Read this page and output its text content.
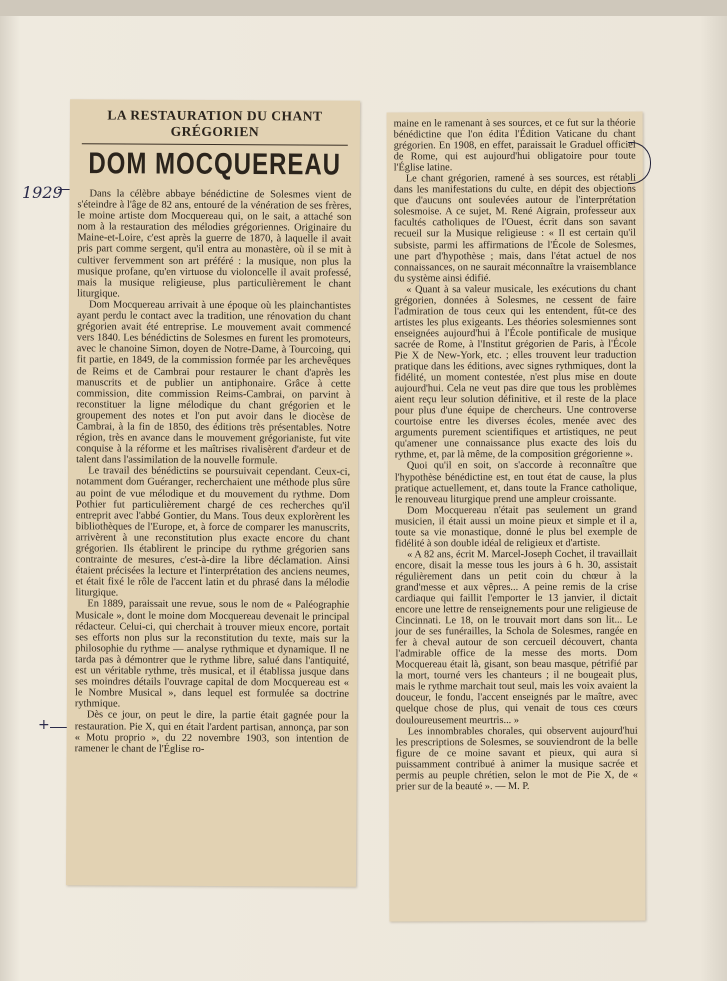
1929
+
LA RESTAURATION DU CHANT GRÉGORIEN
DOM MOCQUEREAU

Dans la célèbre abbaye bénédictine de Solesmes vient de s'éteindre à l'âge de 82 ans, entouré de la vénération de ses frères, le moine artiste dom Mocquereau qui, on le sait, a attaché son nom à la restauration des mélodies grégoriennes. Originaire du Maine-et-Loire, c'est après la guerre de 1870, à laquelle il avait pris part comme sergent, qu'il entra au monastère, où il se mit à cultiver fervemment son art préféré : la musique, non plus la musique profane, qu'en virtuose du violoncelle il avait professé, mais la musique religieuse, plus particulièrement le chant liturgique.

Dom Mocquereau arrivait à une époque où les plainchantistes ayant perdu le contact avec la tradition, une rénovation du chant grégorien avait été entreprise. Le mouvement avait commencé vers 1840. Les bénédictins de Solesmes en furent les promoteurs, avec le chanoine Simon, doyen de Notre-Dame, à Tourcoing, qui fit partie, en 1849, de la commission formée par les archevêques de Reims et de Cambrai pour restaurer le chant d'après les manuscrits et de publier un antiphonaire. Grâce à cette commission, dite commission Reims-Cambrai, on parvint à reconstituer la ligne mélodique du chant grégorien et le groupement des notes et l'on put avoir dans le diocèse de Cambrai, à la fin de 1850, des éditions très présentables. Notre région, très en avance dans le mouvement grégorianiste, fut vite conquise à la réforme et les maîtrises rivalisèrent d'ardeur et de talent dans l'assimilation de la nouvelle formule.

Le travail des bénédictins se poursuivait cependant. Ceux-ci, notamment dom Guéranger, recherchaient une méthode plus sûre au point de vue mélodique et du mouvement du rythme. Dom Pothier fut particulièrement chargé de ces recherches qu'il entreprit avec l'abbé Gontier, du Mans. Tous deux explorèrent les bibliothèques de l'Europe, et, à force de comparer les manuscrits, arrivèrent à une reconstitution plus exacte encore du chant grégorien. Ils établirent le principe du rythme grégorien sans contrainte de mesures, c'est-à-dire la libre déclamation. Ainsi étaient précisées la lecture et l'interprétation des anciens neumes, et était fixé le rôle de l'accent latin et du phrasé dans la mélodie liturgique.

En 1889, paraissait une revue, sous le nom de « Paléographie Musicale », dont le moine dom Mocquereau devenait le principal rédacteur. Celui-ci, qui cherchait à trouver mieux encore, portait ses efforts non plus sur la reconstitution du texte, mais sur la philosophie du rythme — analyse rythmique et dynamique. Il ne tarda pas à démontrer que le rythme libre, salué dans l'antiquité, est un véritable rythme, très musical, et il établissa jusque dans ses moindres détails l'ouvrage capital de dom Mocquereau est « le Nombre Musical », dans lequel est formulée sa doctrine rythmique.

Dès ce jour, on peut le dire, la partie était gagnée pour la restauration. Pie X, qui en était l'ardent partisan, annonça, par son « Motu proprio », du 22 novembre 1903, son intention de ramener le chant de l'Église ro-

maine en le ramenant à ses sources, et ce fut sur la théorie bénédictine que l'on édita l'Édition Vaticane du chant grégorien. En 1908, en effet, paraissait le Graduel officiel de Rome, qui est aujourd'hui obligatoire pour toute l'Église latine.

Le chant grégorien, ramené à ses sources, est rétabli dans les manifestations du culte, en dépit des objections que d'aucuns ont soulevées autour de l'interprétation solesmoise. A ce sujet, M. René Aigrain, professeur aux facultés catholiques de l'Ouest, écrit dans son savant recueil sur la Musique religieuse : « Il est certain qu'il subsiste, parmi les affirmations de l'École de Solesmes, une part d'hypothèse ; mais, dans l'état actuel de nos connaissances, on ne saurait méconnaître la vraisemblance du système ainsi édifié.

« Quant à sa valeur musicale, les exécutions du chant grégorien, données à Solesmes, ne cessent de faire l'admiration de tous ceux qui les entendent, fût-ce des artistes les plus exigeants. Les théories solesmiennes sont enseignées aujourd'hui à l'École pontificale de musique sacrée de Rome, à l'Institut grégorien de Paris, à l'École Pie X de New-York, etc. ; elles trouvent leur traduction pratique dans les éditions, avec signes rythmiques, dont la fidélité, un moment contestée, n'est plus mise en doute aujourd'hui. Cela ne veut pas dire que tous les problèmes aient reçu leur solution définitive, et il reste de la place pour plus d'une équipe de chercheurs. Une controverse courtoise entre les diverses écoles, menée avec des arguments purement scientifiques et artistiques, ne peut qu'amener une connaissance plus exacte des lois du rythme, et, par là même, de la composition grégorienne ».

Quoi qu'il en soit, on s'accorde à reconnaître que l'hypothèse bénédictine est, en tout état de cause, la plus pratique actuellement, et, dans toute la France catholique, le renouveau liturgique prend une ampleur croissante.

Dom Mocquereau n'était pas seulement un grand musicien, il était aussi un moine pieux et simple et il a, toute sa vie monastique, donné le plus bel exemple de fidélité à son double idéal de religieux et d'artiste.

« A 82 ans, écrit M. Marcel-Joseph Cochet, il travaillait encore, disait la messe tous les jours à 6 h. 30, assistait régulièrement dans un petit coin du chœur à la grand'messe et aux vêpres... A peine remis de la crise cardiaque qui faillit l'emporter le 13 janvier, il dictait encore une lettre de renseignements pour une religieuse de Cincinnati. Le 18, on le trouvait mort dans son lit... Le jour de ses funérailles, la Schola de Solesmes, rangée en fer à cheval autour de son cercueil découvert, chanta l'admirable office de la messe des morts. Dom Mocquereau était là, gisant, son beau masque, pétrifié par la mort, tourné vers les chanteurs ; il ne bougeait plus, mais le rythme marchait tout seul, mais les voix avaient la douceur, le fondu, l'accent enseignés par le maître, avec quelque chose de plus, qui venait de tous ces cœurs douloureusement meurtris... »

Les innombrables chorales, qui observent aujourd'hui les prescriptions de Solesmes, se souviendront de la belle figure de ce moine savant et pieux, qui aura si puissamment contribué à animer la musique sacrée et permis au peuple chrétien, selon le mot de Pie X, de « prier sur de la beauté ». — M. P.
